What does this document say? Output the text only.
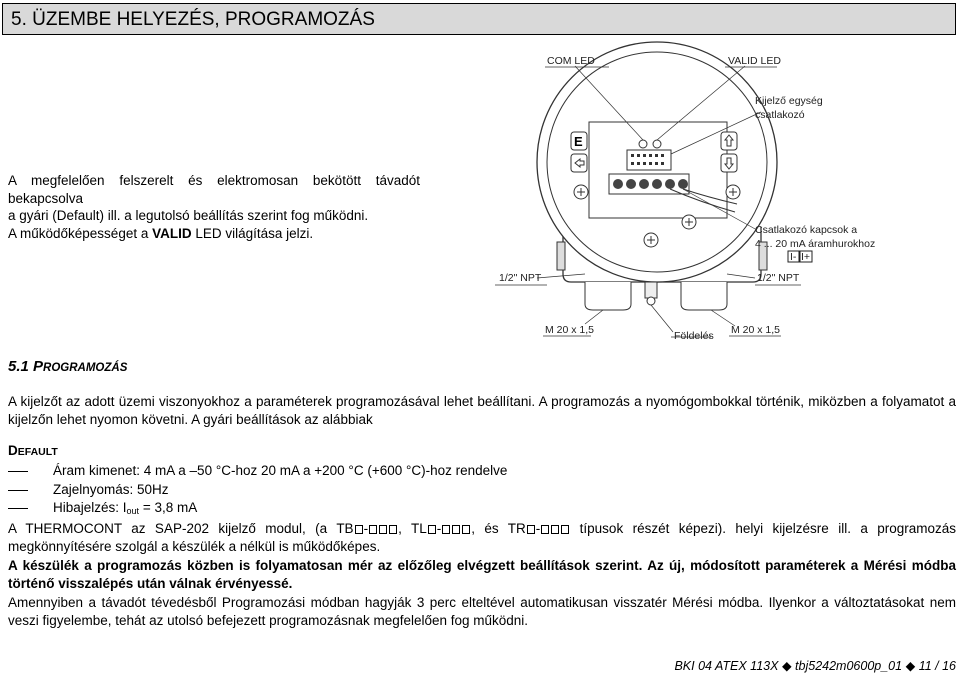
5. ÜZEMBE HELYEZÉS, PROGRAMOZÁS

A megfelelően felszerelt és elektromosan bekötött távadót bekapcsolva

a gyári (Default) ill. a legutolsó beállítás szerint fog működni.

A működőképességet a VALID LED világítása jelzi.

E
COM LED	VALID LED
Kijelző egység
csatlakozó
Csatlakozó kapcsok a
4 ... 20 mA áramhurokhoz
I- I+
1/2" NPT	1/2" NPT
M 20 x 1,5	Földelés M 20 x 1,5
5.1 PROGRAMOZÁS

A kijelzőt az adott üzemi viszonyokhoz a paraméterek programozásával lehet beállítani. A programozás a nyomógombokkal történik, miközben a folyamatot a kijelzőn lehet nyomon követni. A gyári beállítások az alábbiak

DEFAULT
Áram kimenet: 4 mA a –50 °C-hoz 20 mA a +200 °C (+600 °C)-hoz rendelve
Zajelnyomás: 50Hz
Hibajelzés: $I_{out} = 3,8$ mA

A THERMOCONT az SAP-202 kijelző modul, (a TB - , TL - , és TR - típusok részét képezi). helyi kijelzésre ill. a programozás megkönnyítésére szolgál a készülék a nélkül is működőképes.

A készülék a programozás közben is folyamatosan mér az előzőleg elvégzett beállítások szerint. Az új, módosított paraméterek a Mérési módba történő visszalépés után válnak érvényessé.

Amennyiben a távadót tévedésből Programozási módban hagyják 3 perc elteltével automatikusan visszatér Mérési módba. Ilyenkor a változtatásokat nem veszi figyelembe, tehát az utolsó befejezett programozásnak megfelelően fog működni.

BKI 04 ATEX 113X ◆ tbj5242m0600p_01 ◆ 11 / 16
